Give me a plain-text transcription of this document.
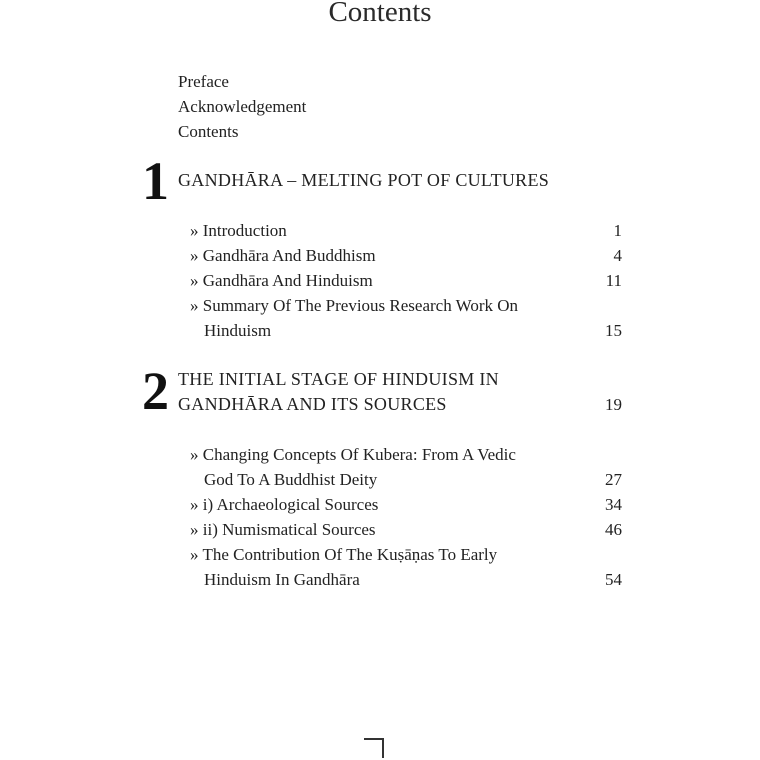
Contents
Preface
Acknowledgement
Contents
1 GANDHĀRA – MELTING POT OF CULTURES
» Introduction	1
» Gandhāra And Buddhism	4
» Gandhāra And Hinduism	11
» Summary Of The Previous Research Work On
Hinduism	15
2 THE INITIAL STAGE OF HINDUISM IN
GANDHĀRA AND ITS SOURCES	19
» Changing Concepts Of Kubera: From A Vedic
God To A Buddhist Deity	27
» i) Archaeological Sources	34
» ii) Numismatical Sources	46
» The Contribution Of The Kuṣāṇas To Early
Hinduism In Gandhāra	54
